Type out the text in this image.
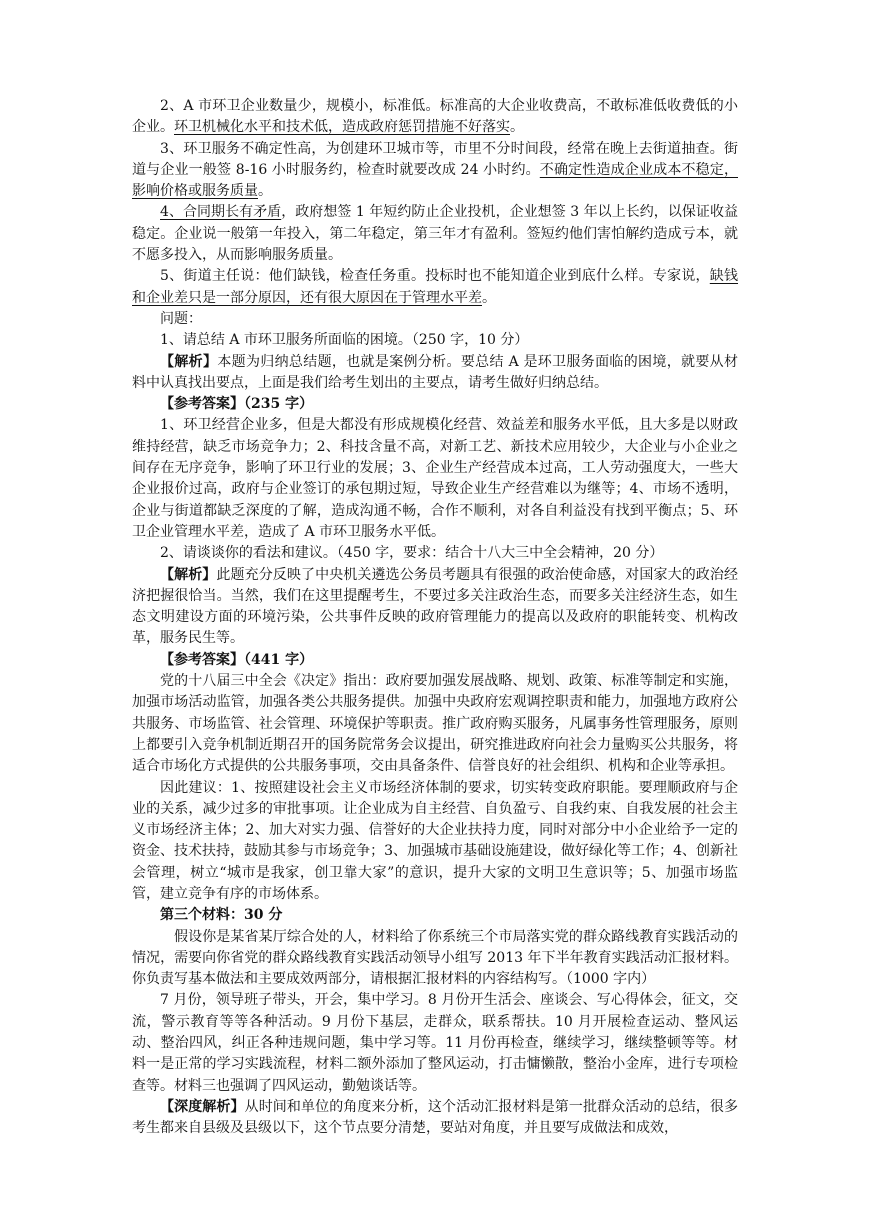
2、A 市环卫企业数量少，规模小，标准低。标准高的大企业收费高，不敢标准低收费低的小企业。环卫机械化水平和技术低，造成政府惩罚措施不好落实。

3、环卫服务不确定性高，为创建环卫城市等，市里不分时间段，经常在晚上去街道抽查。街道与企业一般签 8-16 小时服务约，检查时就要改成 24 小时约。不确定性造成企业成本不稳定，影响价格或服务质量。

4、合同期长有矛盾，政府想签 1 年短约防止企业投机，企业想签 3 年以上长约，以保证收益稳定。企业说一般第一年投入，第二年稳定，第三年才有盈利。签短约他们害怕解约造成亏本，就不愿多投入，从而影响服务质量。

5、街道主任说：他们缺钱，检查任务重。投标时也不能知道企业到底什么样。专家说，缺钱和企业差只是一部分原因，还有很大原因在于管理水平差。

问题：

1、请总结 A 市环卫服务所面临的困境。（250 字，10 分）

【解析】本题为归纳总结题，也就是案例分析。要总结 A 是环卫服务面临的困境，就要从材料中认真找出要点，上面是我们给考生划出的主要点，请考生做好归纳总结。

【参考答案】（235 字）

1、环卫经营企业多，但是大都没有形成规模化经营、效益差和服务水平低，且大多是以财政维持经营，缺乏市场竞争力；2、科技含量不高，对新工艺、新技术应用较少，大企业与小企业之间存在无序竞争，影响了环卫行业的发展；3、企业生产经营成本过高，工人劳动强度大，一些大企业报价过高，政府与企业签订的承包期过短，导致企业生产经营难以为继等；4、市场不透明，企业与街道都缺乏深度的了解，造成沟通不畅，合作不顺利，对各自利益没有找到平衡点；5、环卫企业管理水平差，造成了 A 市环卫服务水平低。

2、请谈谈你的看法和建议。（450 字，要求：结合十八大三中全会精神，20 分）

【解析】此题充分反映了中央机关遴选公务员考题具有很强的政治使命感，对国家大的政治经济把握很恰当。当然，我们在这里提醒考生，不要过多关注政治生态，而要多关注经济生态，如生态文明建设方面的环境污染，公共事件反映的政府管理能力的提高以及政府的职能转变、机构改革，服务民生等。

【参考答案】（441 字）

党的十八届三中全会《决定》指出：政府要加强发展战略、规划、政策、标准等制定和实施，加强市场活动监管，加强各类公共服务提供。加强中央政府宏观调控职责和能力，加强地方政府公共服务、市场监管、社会管理、环境保护等职责。推广政府购买服务，凡属事务性管理服务，原则上都要引入竞争机制近期召开的国务院常务会议提出，研究推进政府向社会力量购买公共服务，将适合市场化方式提供的公共服务事项，交由具备条件、信誉良好的社会组织、机构和企业等承担。

因此建议：1、按照建设社会主义市场经济体制的要求，切实转变政府职能。要理顺政府与企业的关系，减少过多的审批事项。让企业成为自主经营、自负盈亏、自我约束、自我发展的社会主义市场经济主体；2、加大对实力强、信誉好的大企业扶持力度，同时对部分中小企业给予一定的资金、技术扶持，鼓励其参与市场竞争；3、加强城市基础设施建设，做好绿化等工作；4、创新社会管理，树立“城市是我家，创卫靠大家”的意识，提升大家的文明卫生意识等；5、加强市场监管，建立竞争有序的市场体系。

第三个材料：30 分

假设你是某省某厅综合处的人，材料给了你系统三个市局落实党的群众路线教育实践活动的情况，需要向你省党的群众路线教育实践活动领导小组写 2013 年下半年教育实践活动汇报材料。你负责写基本做法和主要成效两部分，请根据汇报材料的内容结构写。（1000 字内）

7 月份，领导班子带头，开会，集中学习。8 月份开生活会、座谈会、写心得体会，征文，交流，警示教育等等各种活动。9 月份下基层，走群众，联系帮扶。10 月开展检查运动、整风运动、整治四风，纠正各种违规问题，集中学习等。11 月份再检查，继续学习，继续整顿等等。材料一是正常的学习实践流程，材料二额外添加了整风运动，打击慵懒散，整治小金库，进行专项检查等。材料三也强调了四风运动，勤勉谈话等。

【深度解析】从时间和单位的角度来分析，这个活动汇报材料是第一批群众活动的总结，很多考生都来自县级及县级以下，这个节点要分清楚，要站对角度，并且要写成做法和成效，
